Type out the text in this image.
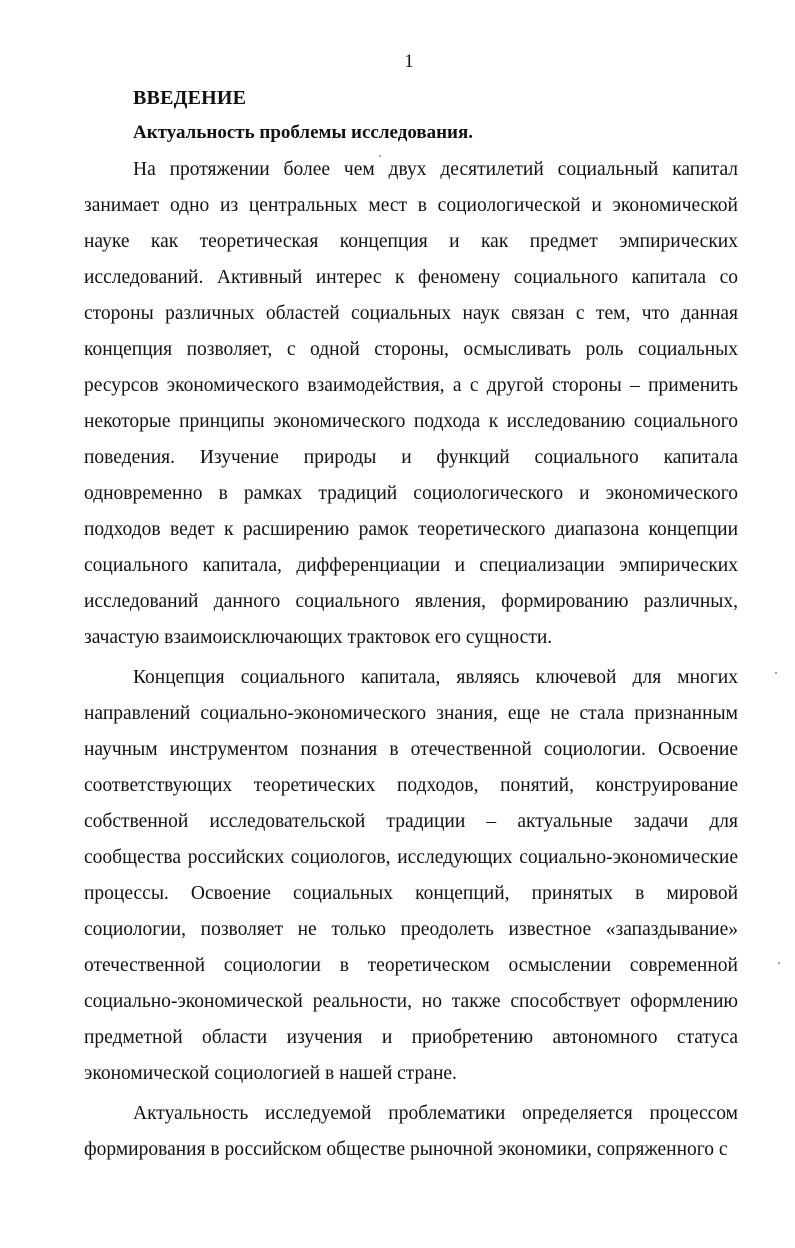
1
ВВЕДЕНИЕ
Актуальность проблемы исследования.
На протяжении более чем двух десятилетий социальный капитал
занимает одно из центральных мест в социологической и экономической
науке как теоретическая концепция и как предмет эмпирических
исследований. Активный интерес к феномену социального капитала со
стороны различных областей социальных наук связан с тем, что данная
концепция позволяет, с одной стороны, осмысливать роль социальных
ресурсов экономического взаимодействия, а с другой стороны – применить
некоторые принципы экономического подхода к исследованию социального
поведения. Изучение природы и функций социального капитала
одновременно в рамках традиций социологического и экономического
подходов ведет к расширению рамок теоретического диапазона концепции
социального капитала, дифференциации и специализации эмпирических
исследований данного социального явления, формированию различных,
зачастую взаимоисключающих трактовок его сущности.
Концепция социального капитала, являясь ключевой для многих
направлений социально-экономического знания, еще не стала признанным
научным инструментом познания в отечественной социологии. Освоение
соответствующих теоретических подходов, понятий, конструирование
собственной исследовательской традиции – актуальные задачи для
сообщества российских социологов, исследующих социально-экономические
процессы. Освоение социальных концепций, принятых в мировой
социологии, позволяет не только преодолеть известное «запаздывание»
отечественной социологии в теоретическом осмыслении современной
социально-экономической реальности, но также способствует оформлению
предметной области изучения и приобретению автономного статуса
экономической социологией в нашей стране.
Актуальность исследуемой проблематики определяется процессом
формирования в российском обществе рыночной экономики, сопряженного с
